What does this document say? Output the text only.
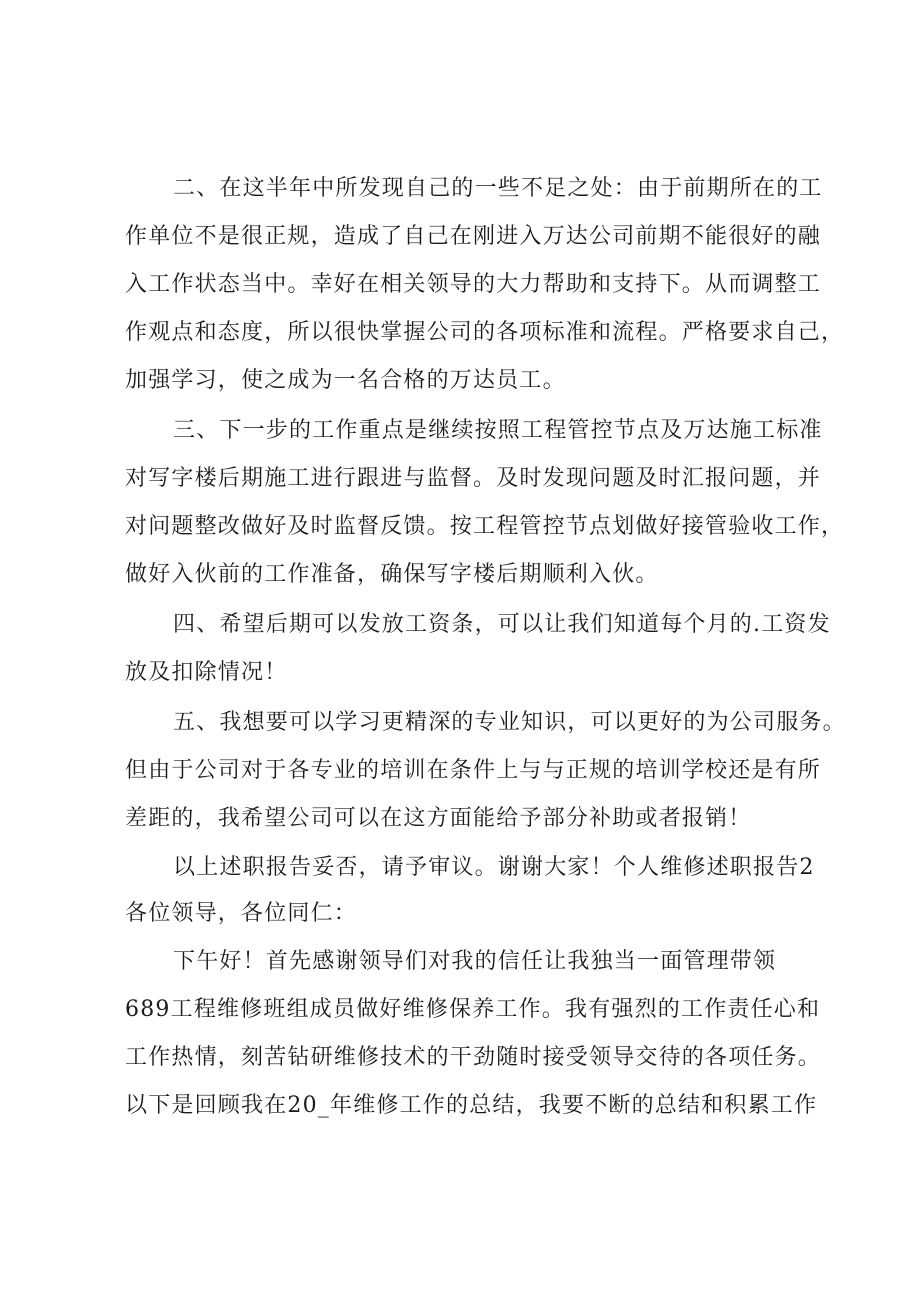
二、在这半年中所发现自己的一些不足之处：由于前期所在的工

作单位不是很正规，造成了自己在刚进入万达公司前期不能很好的融

入工作状态当中。幸好在相关领导的大力帮助和支持下。从而调整工

作观点和态度，所以很快掌握公司的各项标准和流程。严格要求自己，

加强学习，使之成为一名合格的万达员工。

三、下一步的工作重点是继续按照工程管控节点及万达施工标准

对写字楼后期施工进行跟进与监督。及时发现问题及时汇报问题，并

对问题整改做好及时监督反馈。按工程管控节点划做好接管验收工作，

做好入伙前的工作准备，确保写字楼后期顺利入伙。

四、希望后期可以发放工资条，可以让我们知道每个月的.工资发

放及扣除情况！

五、我想要可以学习更精深的专业知识，可以更好的为公司服务。

但由于公司对于各专业的培训在条件上与与正规的培训学校还是有所

差距的，我希望公司可以在这方面能给予部分补助或者报销！

以上述职报告妥否，请予审议。谢谢大家！个人维修述职报告2

各位领导，各位同仁：

下午好！首先感谢领导们对我的信任让我独当一面管理带领

689工程维修班组成员做好维修保养工作。我有强烈的工作责任心和

工作热情，刻苦钻研维修技术的干劲随时接受领导交待的各项任务。

以下是回顾我在20_年维修工作的总结，我要不断的总结和积累工作
